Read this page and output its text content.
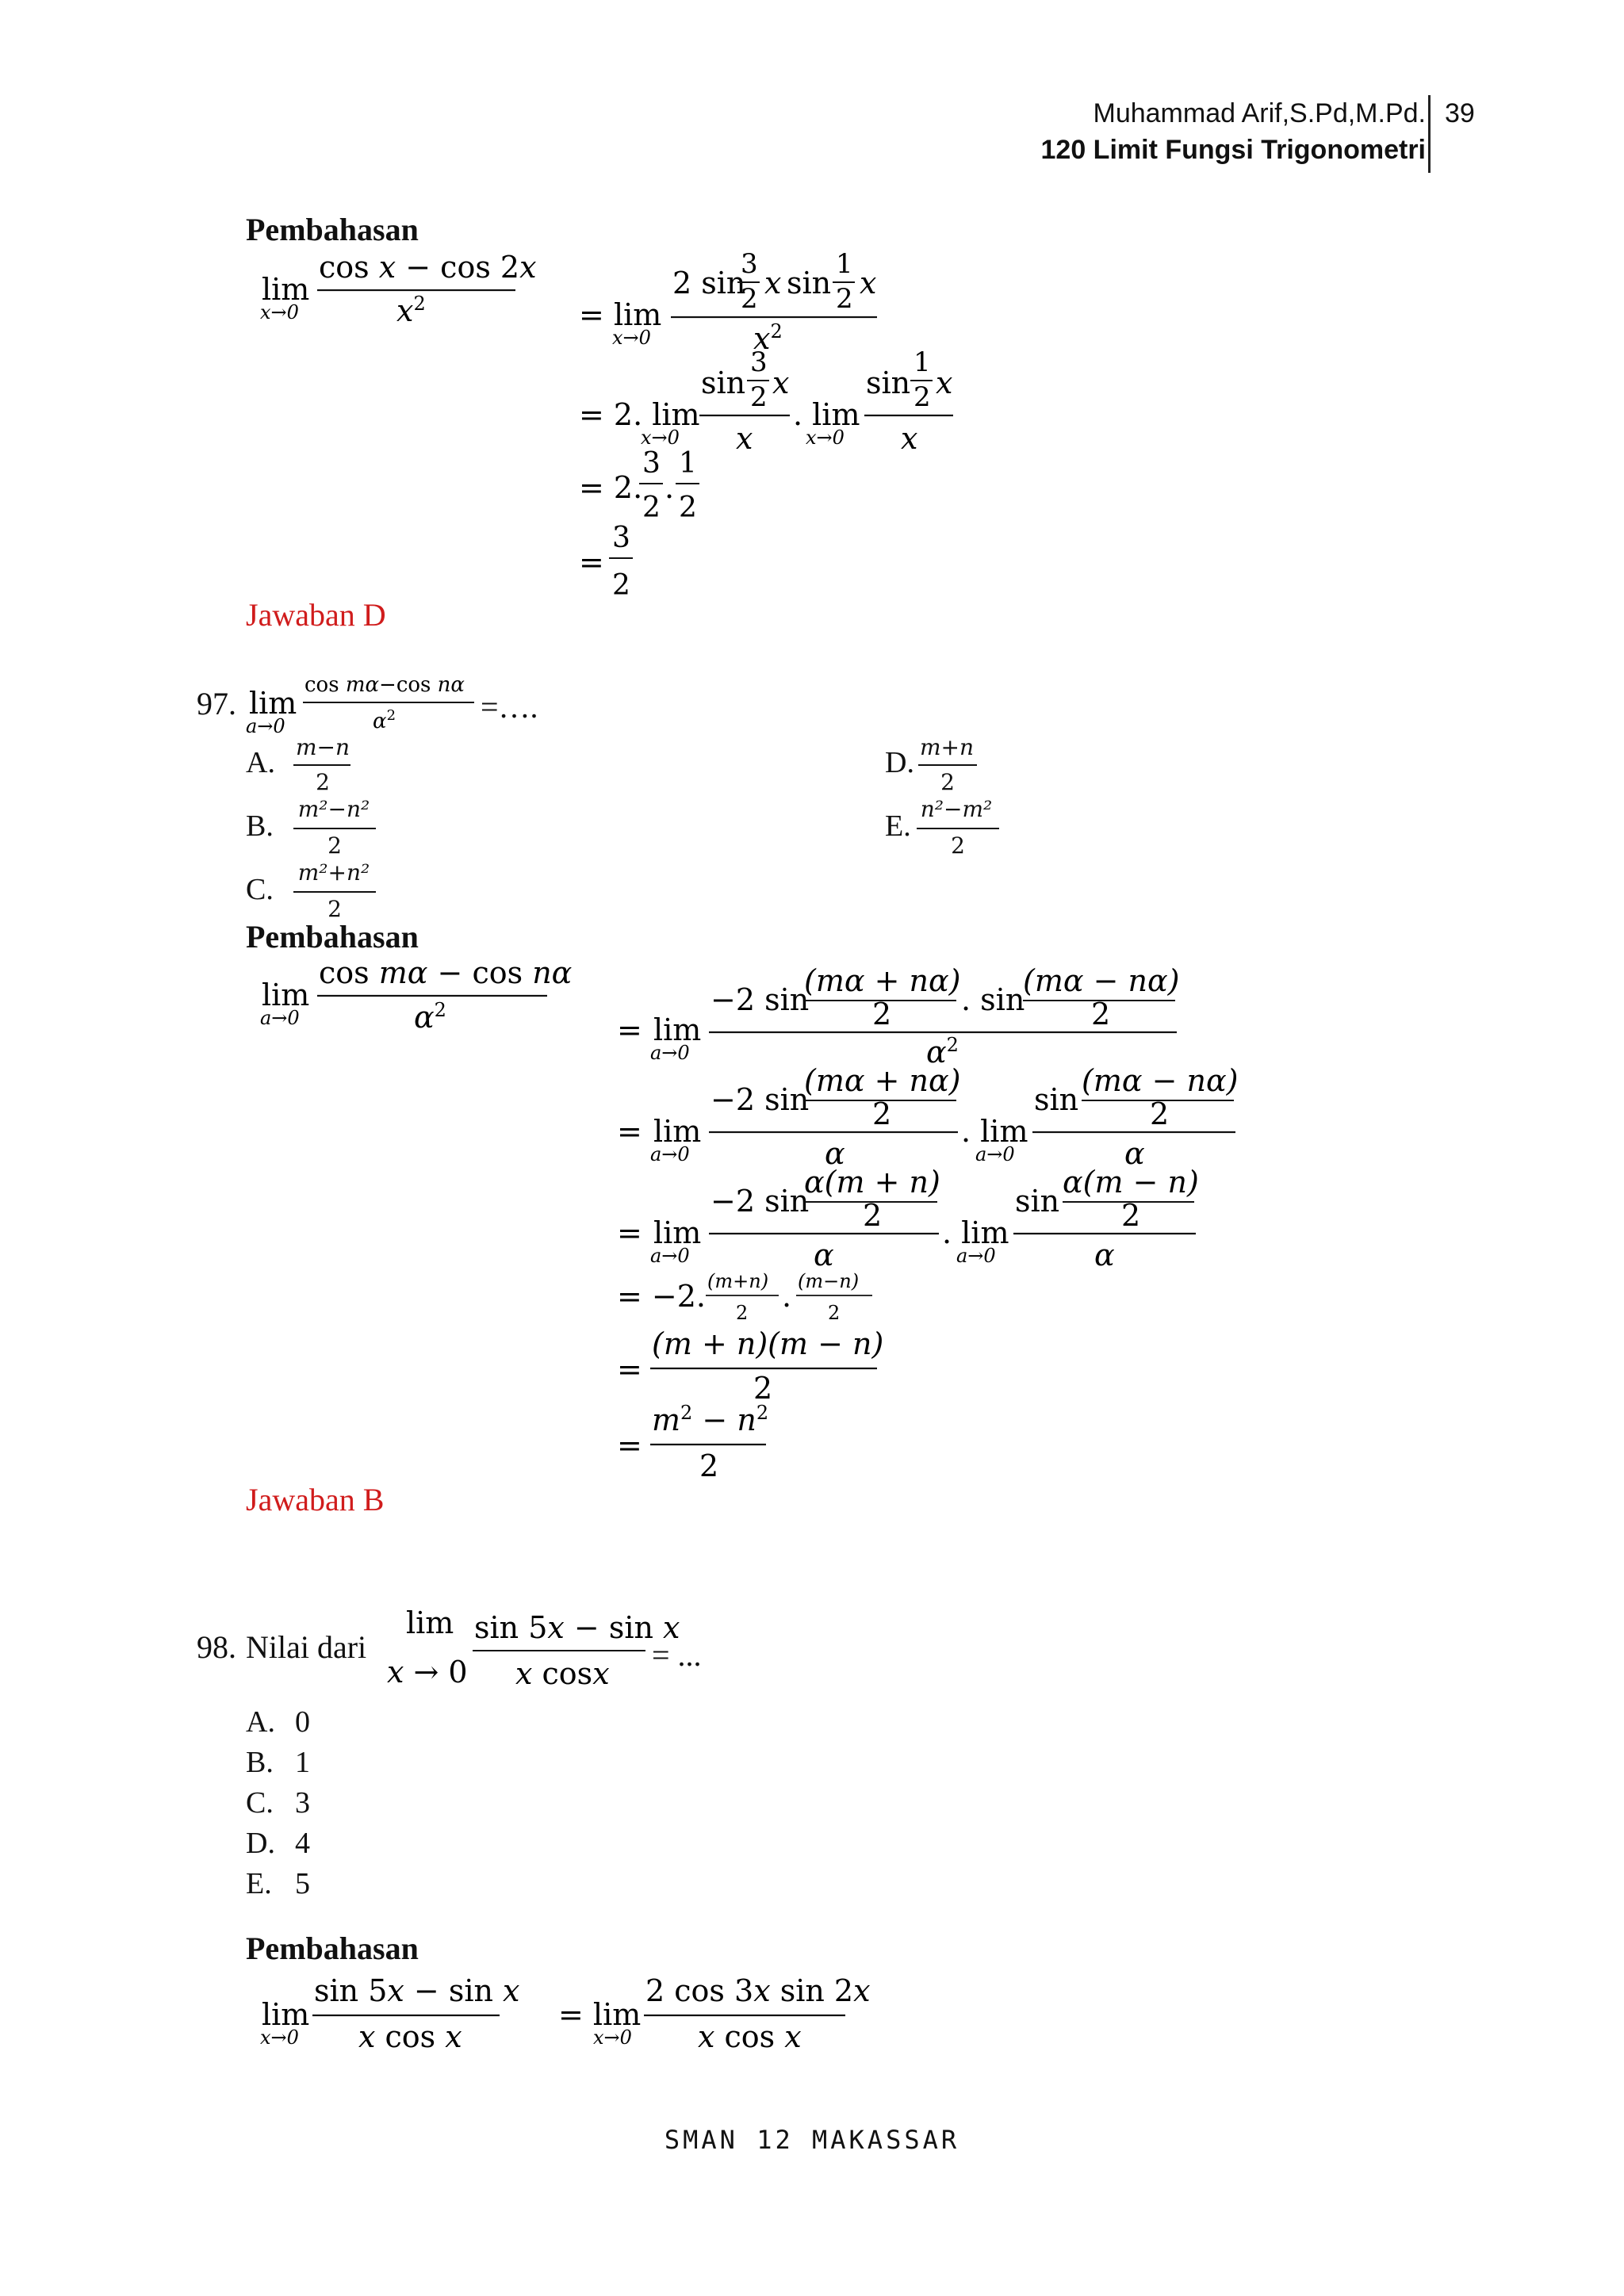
Muhammad Arif,S.Pd,M.Pd.
120 Limit Fungsi Trigonometri
39
Pembahasan
lim
x→0
cos x − cos 2x
$x^2$	= lim
x→0
2 sin
3
2 x sin
1
2 x
$x^2$
= 2. lim
x→0
sin
3
2 x
x
. lim
x→0
sin
1
2 x
x
= 2.
3
2
.
1
2
=
3
2
Jawaban D
97. lim
a→0
cos mα−cos nα
$\alpha^2$	=….
A. m−n
2
B.
m²−n²
2
C.
m²+n²
2
D. m+n
2
E.
n²−m²
2
Pembahasan
lim
a→0
cos mα − cos nα
$\alpha^2$
= lim
a→0
−2 sin
(mα + nα)
2 . sin
(mα − nα)
2
$\alpha^2$
= lim
a→0
−2 sin
(mα + nα)
2
α
. lim
a→0
sin
(mα − nα)
2
α
= lim
a→0
−2 sin
α(m + n)
2
α
. lim
a→0
sin
α(m − n)
2
α
= −2. (m+n)
2 . (m−n)
2
=
(m + n)(m − n)
2
=
$m^2 - n^2$
2
Jawaban B
98. Nilai dari
lim
x → 0
sin 5x − sin x
x cosx
= ...
A. 0
B. 1
C. 3
D. 4
E. 5
Pembahasan
lim
x→0
sin 5x − sin x
x cos x
= lim
x→0
2 cos 3x sin 2x
x cos x
SMAN 12 MAKASSAR
